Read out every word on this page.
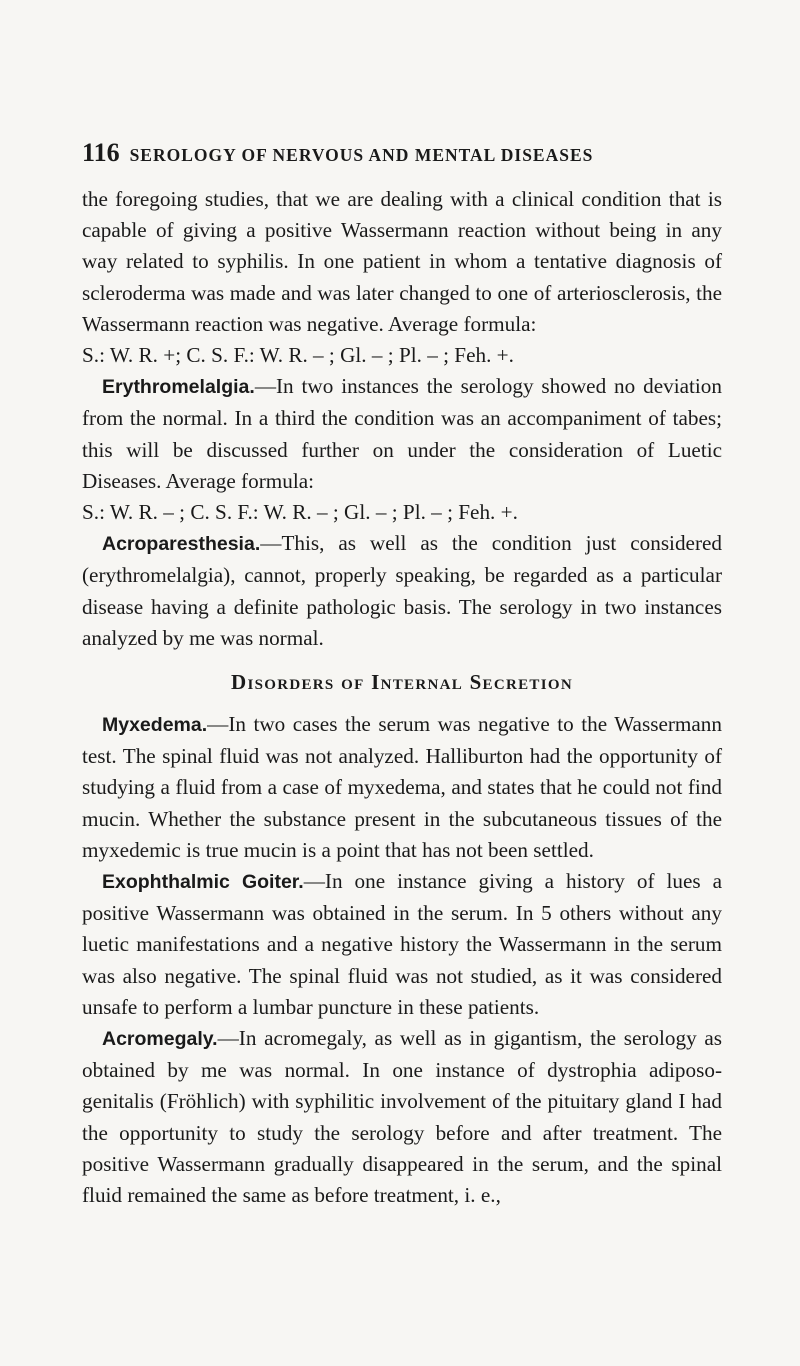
116 SEROLOGY OF NERVOUS AND MENTAL DISEASES

the foregoing studies, that we are dealing with a clinical condition that is capable of giving a positive Wassermann reaction without being in any way related to syphilis. In one patient in whom a tentative diagnosis of scleroderma was made and was later changed to one of arteriosclerosis, the Wassermann reaction was negative. Average formula:

S.: W. R. +; C. S. F.: W. R. – ; Gl. – ; Pl. – ; Feh. +.

Erythromelalgia.—In two instances the serology showed no deviation from the normal. In a third the condition was an accompaniment of tabes; this will be discussed further on under the consideration of Luetic Diseases. Average formula:

S.: W. R. – ; C. S. F.: W. R. – ; Gl. – ; Pl. – ; Feh. +.

Acroparesthesia.—This, as well as the condition just considered (erythromelalgia), cannot, properly speaking, be regarded as a particular disease having a definite pathologic basis. The serology in two instances analyzed by me was normal.

Disorders of Internal Secretion

Myxedema.—In two cases the serum was negative to the Wassermann test. The spinal fluid was not analyzed. Halliburton had the opportunity of studying a fluid from a case of myxedema, and states that he could not find mucin. Whether the substance present in the subcutaneous tissues of the myxedemic is true mucin is a point that has not been settled.

Exophthalmic Goiter.—In one instance giving a history of lues a positive Wassermann was obtained in the serum. In 5 others without any luetic manifestations and a negative history the Wassermann in the serum was also negative. The spinal fluid was not studied, as it was considered unsafe to perform a lumbar puncture in these patients.

Acromegaly.—In acromegaly, as well as in gigantism, the serology as obtained by me was normal. In one instance of dystrophia adiposo-genitalis (Fröhlich) with syphilitic involvement of the pituitary gland I had the opportunity to study the serology before and after treatment. The positive Wassermann gradually disappeared in the serum, and the spinal fluid remained the same as before treatment, i. e.,
